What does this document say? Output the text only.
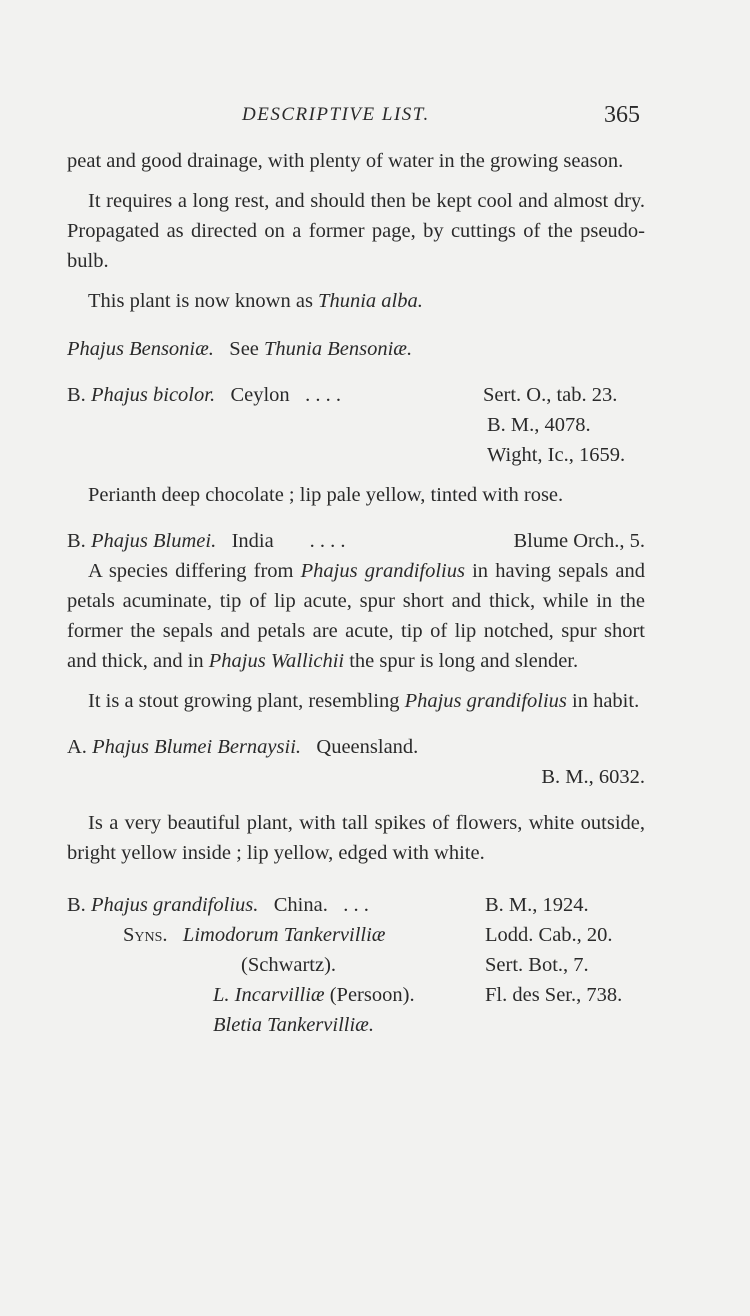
DESCRIPTIVE LIST.	365

peat and good drainage, with plenty of water in the growing season.

It requires a long rest, and should then be kept cool and almost dry. Propagated as directed on a former page, by cuttings of the pseudo-bulb.

This plant is now known as Thunia alba.

Phajus Bensoniæ. See Thunia Bensoniæ.

B. Phajus bicolor. Ceylon . . . .	Sert. O., tab. 23.
B. M., 4078.
Wight, Ic., 1659.

Perianth deep chocolate ; lip pale yellow, tinted with rose.

B. Phajus Blumei. India . . . .	Blume Orch., 5.

A species differing from Phajus grandifolius in having sepals and petals acuminate, tip of lip acute, spur short and thick, while in the former the sepals and petals are acute, tip of lip notched, spur short and thick, and in Phajus Wallichii the spur is long and slender.

It is a stout growing plant, resembling Phajus grandifolius in habit.

A. Phajus Blumei Bernaysii. Queensland.
B. M., 6032.

Is a very beautiful plant, with tall spikes of flowers, white outside, bright yellow inside ; lip yellow, edged with white.

B. Phajus grandifolius. China. . . .	B. M., 1924.
Syns. Limodorum Tankervilliæ	Lodd. Cab., 20.
(Schwartz).	Sert. Bot., 7.
L. Incarvilliæ (Persoon).	Fl. des Ser., 738.
Bletia Tankervilliæ.
